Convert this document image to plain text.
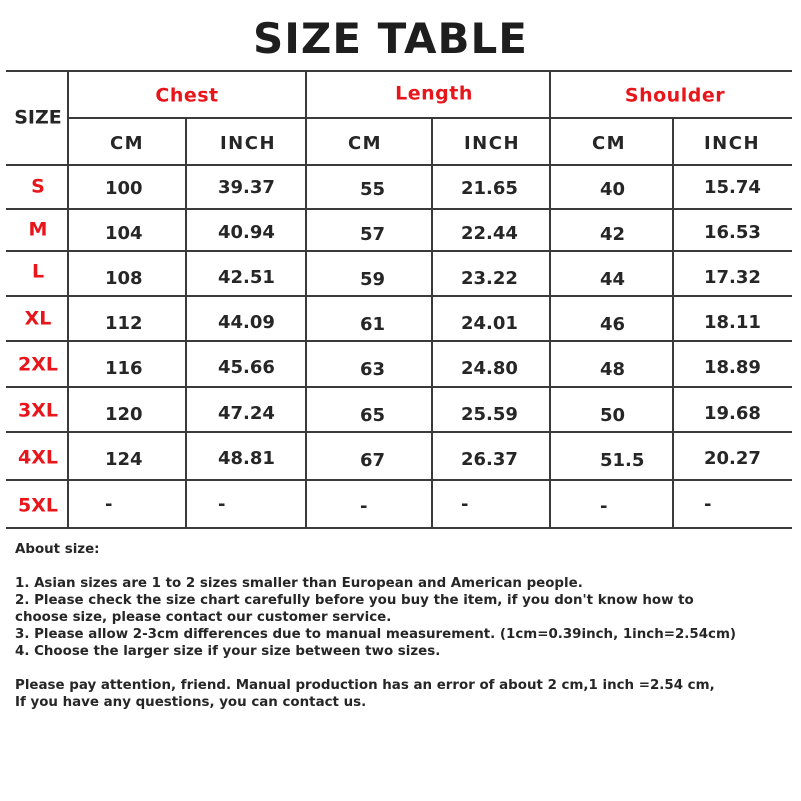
SIZE TABLE
SIZE
Chest	Length	Shoulder
CM	INCH	CM	INCH	CM	INCH
S	100	39.37	55	21.65	40	15.74
M	104	40.94	57	22.44	42	16.53
L	108	42.51	59	23.22	44	17.32
XL	112	44.09	61	24.01	46	18.11
2XL	116	45.66	63	24.80	48	18.89
3XL	120	47.24	65	25.59	50	19.68
4XL	124	48.81	67	26.37	51.5	20.27
5XL	-	-	-	-	-	-
About size:
1. Asian sizes are 1 to 2 sizes smaller than European and American people.
2. Please check the size chart carefully before you buy the item, if you don't know how to
choose size, please contact our customer service.
3. Please allow 2-3cm differences due to manual measurement. (1cm=0.39inch, 1inch=2.54cm)
4. Choose the larger size if your size between two sizes.
Please pay attention, friend. Manual production has an error of about 2 cm,1 inch =2.54 cm,
If you have any questions, you can contact us.
